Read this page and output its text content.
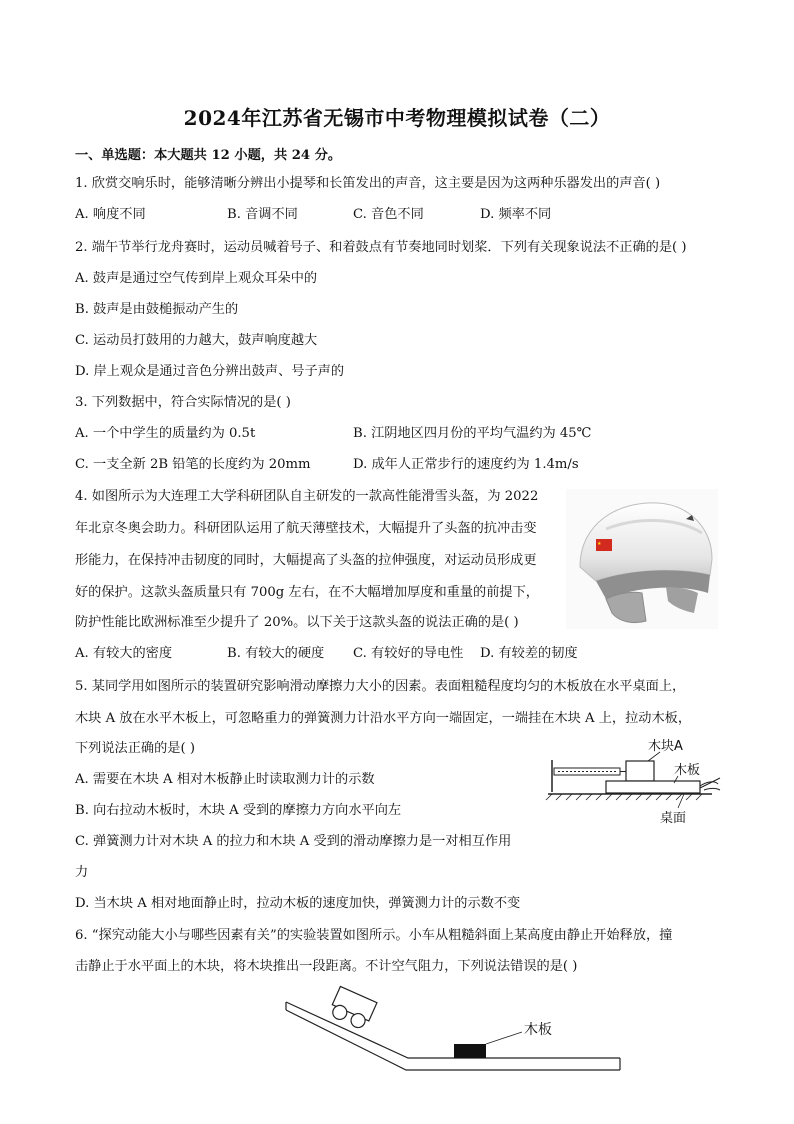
2024年江苏省无锡市中考物理模拟试卷（二）
一、单选题：本大题共 12 小题，共 24 分。
1. 欣赏交响乐时，能够清晰分辨出小提琴和长笛发出的声音，这主要是因为这两种乐器发出的声音( )
A. 响度不同	B. 音调不同	C. 音色不同	D. 频率不同
2. 端午节举行龙舟赛时，运动员喊着号子、和着鼓点有节奏地同时划桨．下列有关现象说法不正确的是( )
A. 鼓声是通过空气传到岸上观众耳朵中的
B. 鼓声是由鼓槌振动产生的
C. 运动员打鼓用的力越大，鼓声响度越大
D. 岸上观众是通过音色分辨出鼓声、号子声的
3. 下列数据中，符合实际情况的是( )
A. 一个中学生的质量约为 0.5t	B. 江阴地区四月份的平均气温约为 45℃
C. 一支全新 2B 铅笔的长度约为 20mm	D. 成年人正常步行的速度约为 1.4m/s
4. 如图所示为大连理工大学科研团队自主研发的一款高性能滑雪头盔，为 2022
年北京冬奥会助力。科研团队运用了航天薄壁技术，大幅提升了头盔的抗冲击变
形能力，在保持冲击韧度的同时，大幅提高了头盔的拉伸强度，对运动员形成更
好的保护。这款头盔质量只有 700g 左右，在不大幅增加厚度和重量的前提下，
防护性能比欧洲标准至少提升了 20%。以下关于这款头盔的说法正确的是( )
A. 有较大的密度	B. 有较大的硬度 C. 有较好的导电性 D. 有较差的韧度
★
5. 某同学用如图所示的装置研究影响滑动摩擦力大小的因素。表面粗糙程度均匀的木板放在水平桌面上，
木块 A 放在水平木板上，可忽略重力的弹簧测力计沿水平方向一端固定，一端挂在木块 A 上，拉动木板，
下列说法正确的是( )
A. 需要在木块 A 相对木板静止时读取测力计的示数
B. 向右拉动木板时，木块 A 受到的摩擦力方向水平向左
C. 弹簧测力计对木块 A 的拉力和木块 A 受到的滑动摩擦力是一对相互作用
力
D. 当木块 A 相对地面静止时，拉动木板的速度加快，弹簧测力计的示数不变
木块A
木板
桌面
6. “探究动能大小与哪些因素有关”的实验装置如图所示。小车从粗糙斜面上某高度由静止开始释放，撞
击静止于水平面上的木块，将木块推出一段距离。不计空气阻力，下列说法错误的是( )
木板
